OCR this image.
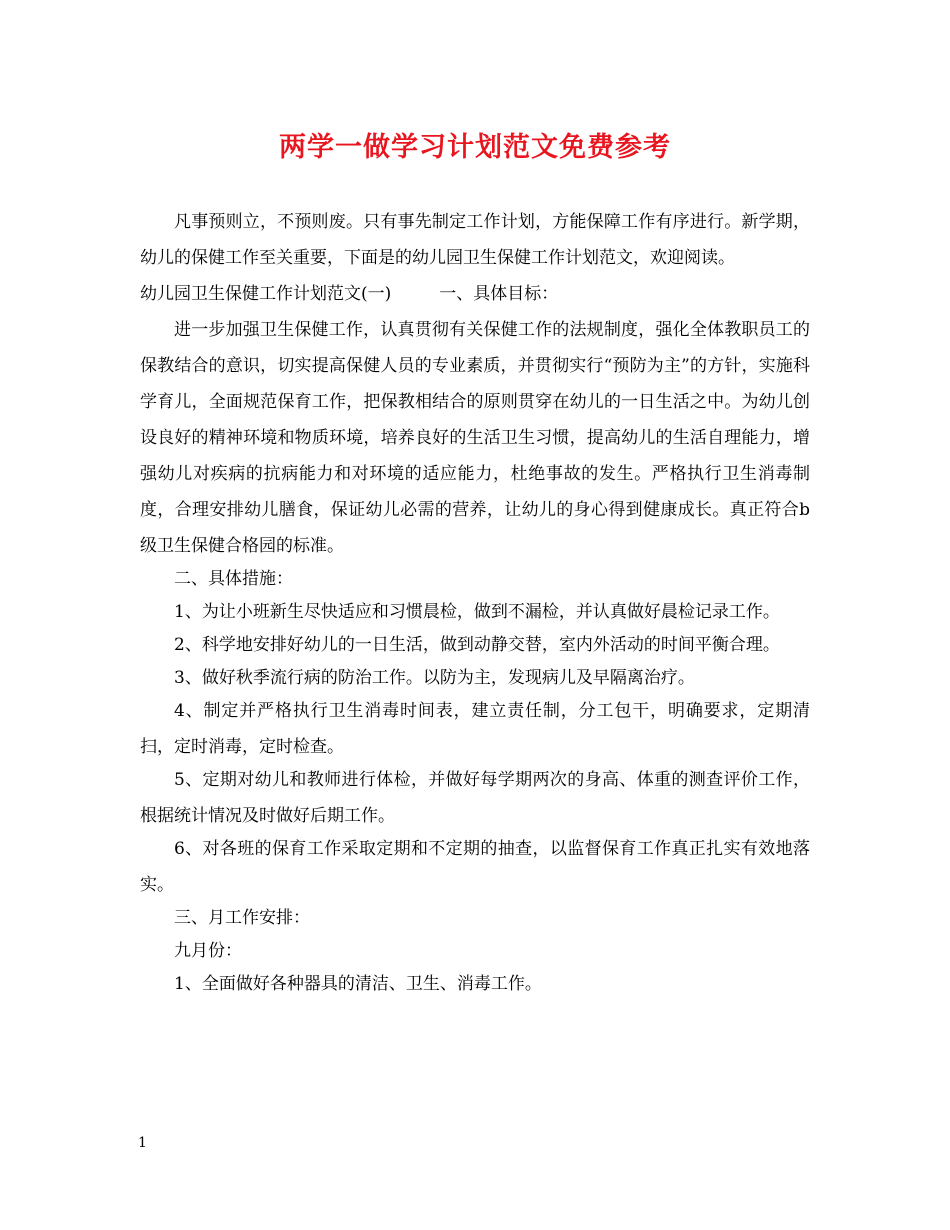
两学一做学习计划范文免费参考

凡事预则立，不预则废。只有事先制定工作计划，方能保障工作有序进行。新学期，幼儿的保健工作至关重要，下面是的幼儿园卫生保健工作计划范文，欢迎阅读。

幼儿园卫生保健工作计划范文(一)	一、具体目标：

进一步加强卫生保健工作，认真贯彻有关保健工作的法规制度，强化全体教职员工的保教结合的意识，切实提高保健人员的专业素质，并贯彻实行“预防为主”的方针，实施科学育儿，全面规范保育工作，把保教相结合的原则贯穿在幼儿的一日生活之中。为幼儿创设良好的精神环境和物质环境，培养良好的生活卫生习惯，提高幼儿的生活自理能力，增强幼儿对疾病的抗病能力和对环境的适应能力，杜绝事故的发生。严格执行卫生消毒制度，合理安排幼儿膳食，保证幼儿必需的营养，让幼儿的身心得到健康成长。真正符合b级卫生保健合格园的标准。

二、具体措施：

1、为让小班新生尽快适应和习惯晨检，做到不漏检，并认真做好晨检记录工作。

2、科学地安排好幼儿的一日生活，做到动静交替，室内外活动的时间平衡合理。

3、做好秋季流行病的防治工作。以防为主，发现病儿及早隔离治疗。

4、制定并严格执行卫生消毒时间表，建立责任制，分工包干，明确要求，定期清扫，定时消毒，定时检查。

5、定期对幼儿和教师进行体检，并做好每学期两次的身高、体重的测查评价工作，根据统计情况及时做好后期工作。

6、对各班的保育工作采取定期和不定期的抽查，以监督保育工作真正扎实有效地落实。

三、月工作安排：

九月份：

1、全面做好各种器具的清洁、卫生、消毒工作。

1
